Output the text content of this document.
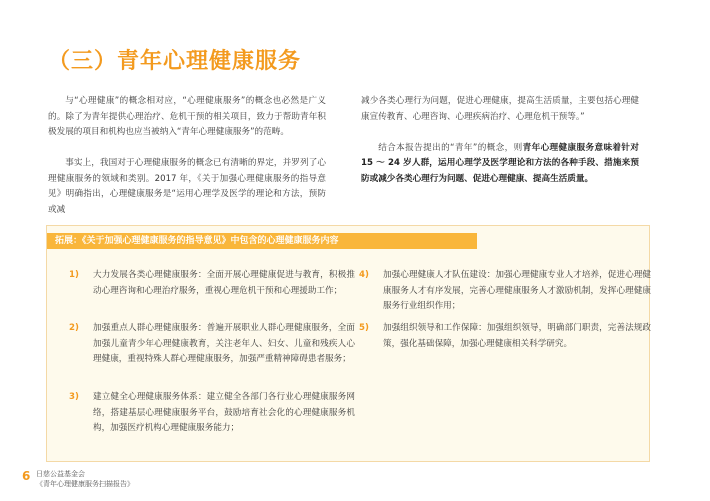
（三）青年心理健康服务

与“心理健康”的概念相对应，“心理健康服务”的概念也必然是广义的。除了为青年提供心理治疗、危机干预的相关项目，致力于帮助青年积极发展的项目和机构也应当被纳入“青年心理健康服务”的范畴。

事实上，我国对于心理健康服务的概念已有清晰的界定，并罗列了心理健康服务的领域和类别。2017 年，《关于加强心理健康服务的指导意见》明确指出，心理健康服务是“运用心理学及医学的理论和方法，预防或减

减少各类心理行为问题，促进心理健康，提高生活质量，主要包括心理健康宣传教育、心理咨询、心理疾病治疗、心理危机干预等。”

结合本报告提出的“青年”的概念，则青年心理健康服务意味着针对 15 ～ 24 岁人群，运用心理学及医学理论和方法的各种手段、措施来预防或减少各类心理行为问题、促进心理健康、提高生活质量。

拓展：《关于加强心理健康服务的指导意见》中包含的心理健康服务内容
1) 大力发展各类心理健康服务：全面开展心理健康促进与教育，积极推动心理咨询和心理治疗服务，重视心理危机干预和心理援助工作；
2) 加强重点人群心理健康服务：普遍开展职业人群心理健康服务，全面加强儿童青少年心理健康教育，关注老年人、妇女、儿童和残疾人心理健康，重视特殊人群心理健康服务，加强严重精神障碍患者服务；
3) 建立健全心理健康服务体系：建立健全各部门各行业心理健康服务网络，搭建基层心理健康服务平台，鼓励培育社会化的心理健康服务机构，加强医疗机构心理健康服务能力；
4) 加强心理健康人才队伍建设：加强心理健康专业人才培养，促进心理健康服务人才有序发展，完善心理健康服务人才激励机制，发挥心理健康服务行业组织作用；
5) 加强组织领导和工作保障：加强组织领导，明确部门职责，完善法规政策，强化基础保障，加强心理健康相关科学研究。
6 日慈公益基金会
《青年心理健康服务扫描报告》
